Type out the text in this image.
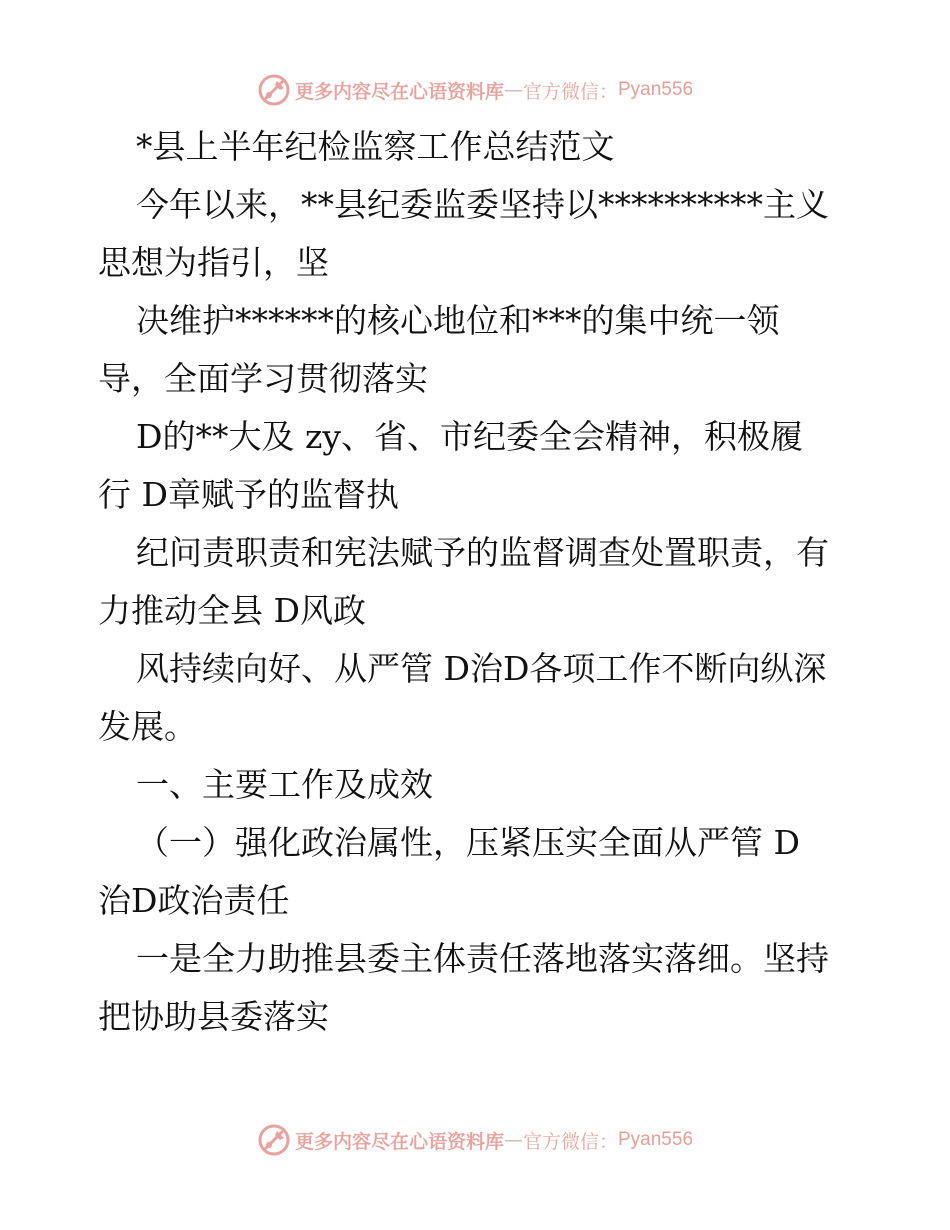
更多内容尽在心语资料库 — 官方微信： Pyan556
*县上半年纪检监察工作总结范文
今年以来，**县纪委监委坚持以**********主义
思想为指引，坚
决维护******的核心地位和***的集中统一领
导，全面学习贯彻落实
D的**大及 zy、省、市纪委全会精神，积极履
行 D章赋予的监督执
纪问责职责和宪法赋予的监督调查处置职责，有
力推动全县 D风政
风持续向好、从严管 D治D各项工作不断向纵深
发展。
一、主要工作及成效
（一）强化政治属性，压紧压实全面从严管 D
治D政治责任
一是全力助推县委主体责任落地落实落细。坚持
把协助县委落实
更多内容尽在心语资料库 — 官方微信： Pyan556
